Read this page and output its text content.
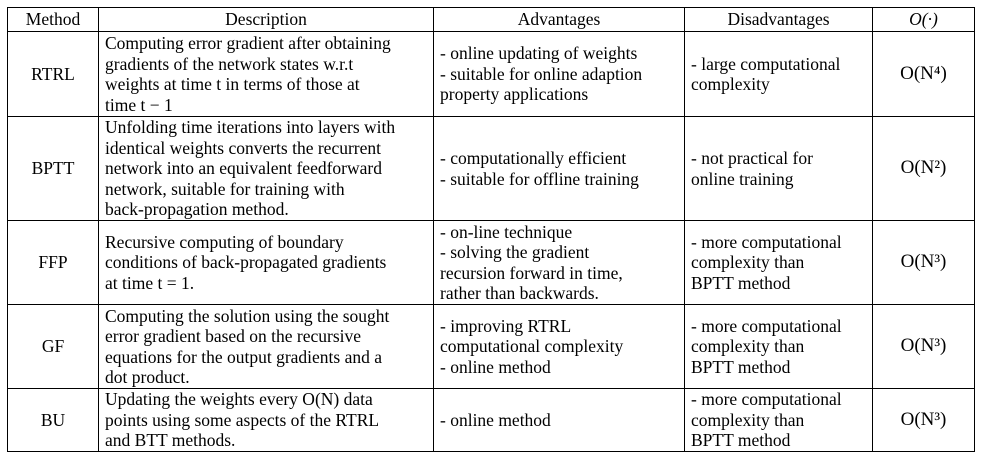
Method	Description	Advantages	Disadvantages	O(·)
RTRL	Computing error gradient after obtaining
gradients of the network states w.r.t
weights at time t in terms of those at
time t − 1	- online updating of weights
- suitable for online adaption
property applications	- large computational
complexity	O(N⁴)
BPTT	Unfolding time iterations into layers with
identical weights converts the recurrent
network into an equivalent feedforward
network, suitable for training with
back-propagation method.	- computationally efficient
- suitable for offline training	- not practical for
online training	O(N²)
FFP	Recursive computing of boundary
conditions of back-propagated gradients
at time t = 1.	- on-line technique
- solving the gradient
recursion forward in time,
rather than backwards.	- more computational
complexity than
BPTT method	O(N³)
GF	Computing the solution using the sought
error gradient based on the recursive
equations for the output gradients and a
dot product.	- improving RTRL
computational complexity
- online method	- more computational
complexity than
BPTT method	O(N³)
BU	Updating the weights every O(N) data
points using some aspects of the RTRL
and BTT methods.	- online method	- more computational
complexity than
BPTT method	O(N³)
